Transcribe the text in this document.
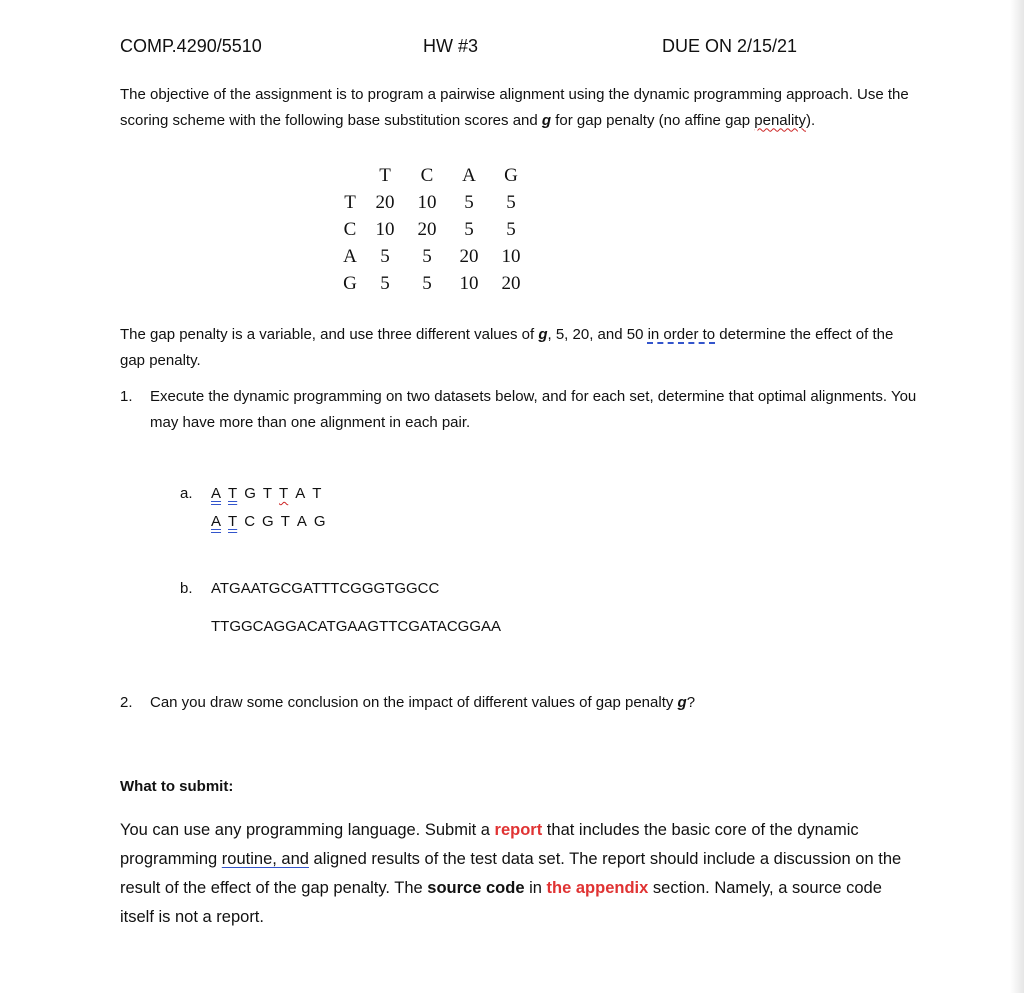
COMP.4290/5510	HW #3	DUE ON 2/15/21

The objective of the assignment is to program a pairwise alignment using the dynamic programming approach. Use the scoring scheme with the following base substitution scores and g for gap penalty (no affine gap penality).

	T	C	A	G
T	20	10	5	5
C	10	20	5	5
A	5	5	20	10
G	5	5	10	20

The gap penalty is a variable, and use three different values of g, 5, 20, and 50 in order to determine the effect of the gap penalty.

1. Execute the dynamic programming on two datasets below, and for each set, determine that optimal alignments. You may have more than one alignment in each pair.

a. A T G T T A T
A T C G T A G
b. ATGAATGCGATTTCGGGTGGCC
TTGGCAGGACATGAAGTTCGATACGGAA
2. Can you draw some conclusion on the impact of different values of gap penalty g?
What to submit:

You can use any programming language. Submit a report that includes the basic core of the dynamic programming routine, and aligned results of the test data set. The report should include a discussion on the result of the effect of the gap penalty. The source code in the appendix section. Namely, a source code itself is not a report.
